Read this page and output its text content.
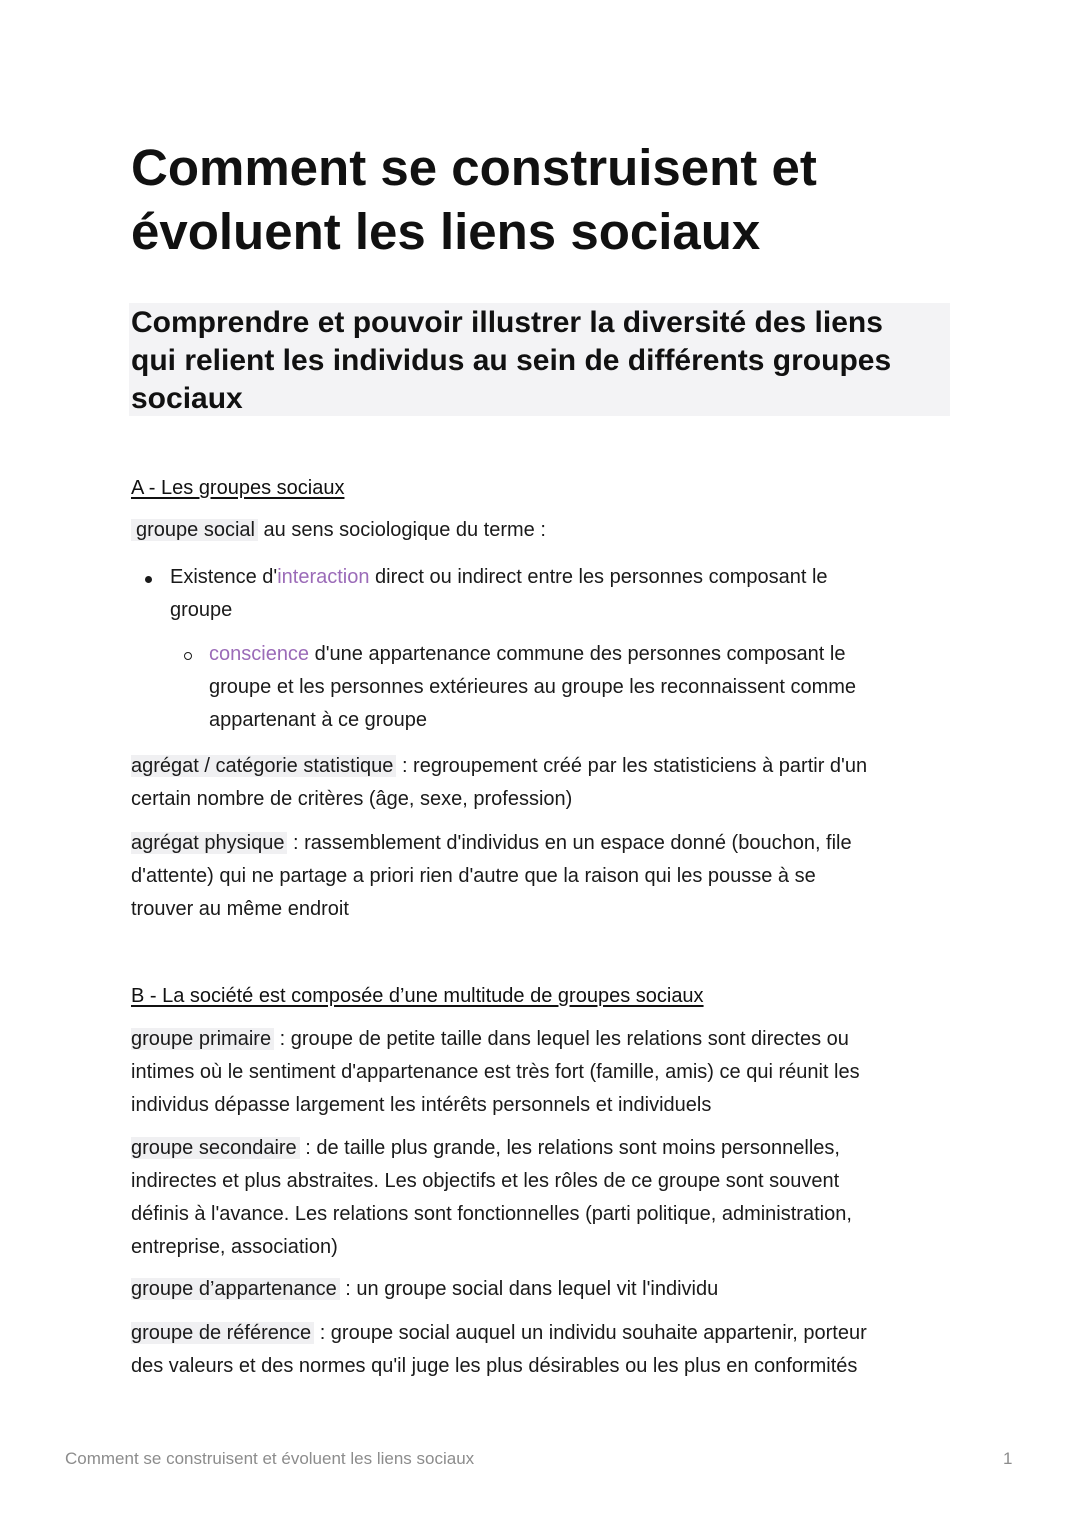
Comment se construisent et
évoluent les liens sociaux
Comprendre et pouvoir illustrer la diversité des liens
qui relient les individus au sein de différents groupes
sociaux
A - Les groupes sociaux
groupe social au sens sociologique du terme :
Existence d'interaction direct ou indirect entre les personnes composant le
groupe
conscience d'une appartenance commune des personnes composant le
groupe et les personnes extérieures au groupe les reconnaissent comme
appartenant à ce groupe
agrégat / catégorie statistique : regroupement créé par les statisticiens à partir d'un
certain nombre de critères (âge, sexe, profession)
agrégat physique : rassemblement d'individus en un espace donné (bouchon, file
d'attente) qui ne partage a priori rien d'autre que la raison qui les pousse à se
trouver au même endroit
B - La société est composée d’une multitude de groupes sociaux
groupe primaire : groupe de petite taille dans lequel les relations sont directes ou
intimes où le sentiment d'appartenance est très fort (famille, amis) ce qui réunit les
individus dépasse largement les intérêts personnels et individuels
groupe secondaire : de taille plus grande, les relations sont moins personnelles,
indirectes et plus abstraites. Les objectifs et les rôles de ce groupe sont souvent
définis à l'avance. Les relations sont fonctionnelles (parti politique, administration,
entreprise, association)
groupe d’appartenance : un groupe social dans lequel vit l'individu
groupe de référence : groupe social auquel un individu souhaite appartenir, porteur
des valeurs et des normes qu'il juge les plus désirables ou les plus en conformités
Comment se construisent et évoluent les liens sociaux	1
